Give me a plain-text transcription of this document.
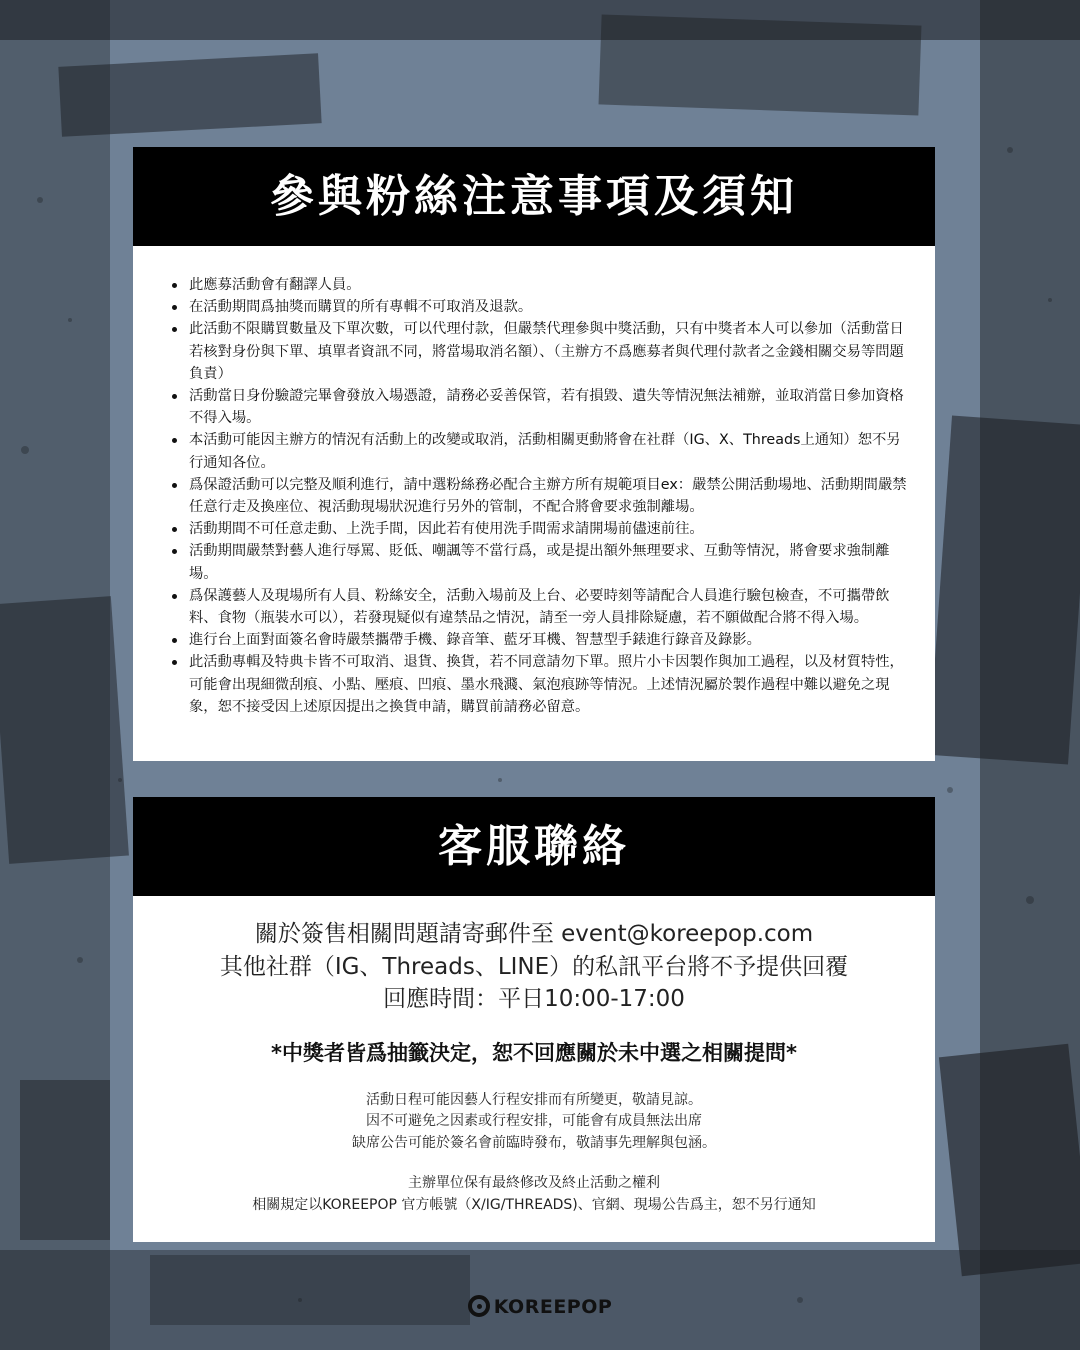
參與粉絲注意事項及須知
此應募活動會有翻譯人員。
在活動期間爲抽獎而購買的所有專輯不可取消及退款。
此活動不限購買數量及下單次數，可以代理付款，但嚴禁代理參與中獎活動，只有中獎者本人可以參加（活動當日若核對身份與下單、填單者資訊不同，將當場取消名額）、（主辦方不爲應募者與代理付款者之金錢相關交易等問題負責）
活動當日身份驗證完畢會發放入場憑證，請務必妥善保管，若有損毀、遺失等情況無法補辦，並取消當日參加資格不得入場。
本活動可能因主辦方的情況有活動上的改變或取消，活動相關更動將會在社群（IG、X、Threads上通知）恕不另行通知各位。
爲保證活動可以完整及順利進行，請中選粉絲務必配合主辦方所有規範項目ex：嚴禁公開活動場地、活動期間嚴禁任意行走及換座位、視活動現場狀況進行另外的管制，不配合將會要求強制離場。
活動期間不可任意走動、上洗手間，因此若有使用洗手間需求請開場前儘速前往。
活動期間嚴禁對藝人進行辱罵、貶低、嘲諷等不當行爲，或是提出額外無理要求、互動等情況，將會要求強制離場。
爲保護藝人及現場所有人員、粉絲安全，活動入場前及上台、必要時刻等請配合人員進行驗包檢查，不可攜帶飲料、食物（瓶裝水可以），若發現疑似有違禁品之情況，請至一旁人員排除疑慮，若不願做配合將不得入場。
進行台上面對面簽名會時嚴禁攜帶手機、錄音筆、藍牙耳機、智慧型手錶進行錄音及錄影。
此活動專輯及特典卡皆不可取消、退貨、換貨，若不同意請勿下單。照片小卡因製作與加工過程，以及材質特性，可能會出現細微刮痕、小點、壓痕、凹痕、墨水飛濺、氣泡痕跡等情況。上述情況屬於製作過程中難以避免之現象，恕不接受因上述原因提出之換貨申請，購買前請務必留意。
客服聯絡
關於簽售相關問題請寄郵件至 event@koreepop.com
其他社群（IG、Threads、LINE）的私訊平台將不予提供回覆
回應時間：平日10:00-17:00
*中獎者皆爲抽籤決定，恕不回應關於未中選之相關提問*
活動日程可能因藝人行程安排而有所變更，敬請見諒。
因不可避免之因素或行程安排，可能會有成員無法出席
缺席公告可能於簽名會前臨時發布，敬請事先理解與包涵。
主辦單位保有最終修改及終止活動之權利
相關規定以KOREEPOP 官方帳號（X/IG/THREADS)、官網、現場公告爲主，恕不另行通知
KOREEPOP
